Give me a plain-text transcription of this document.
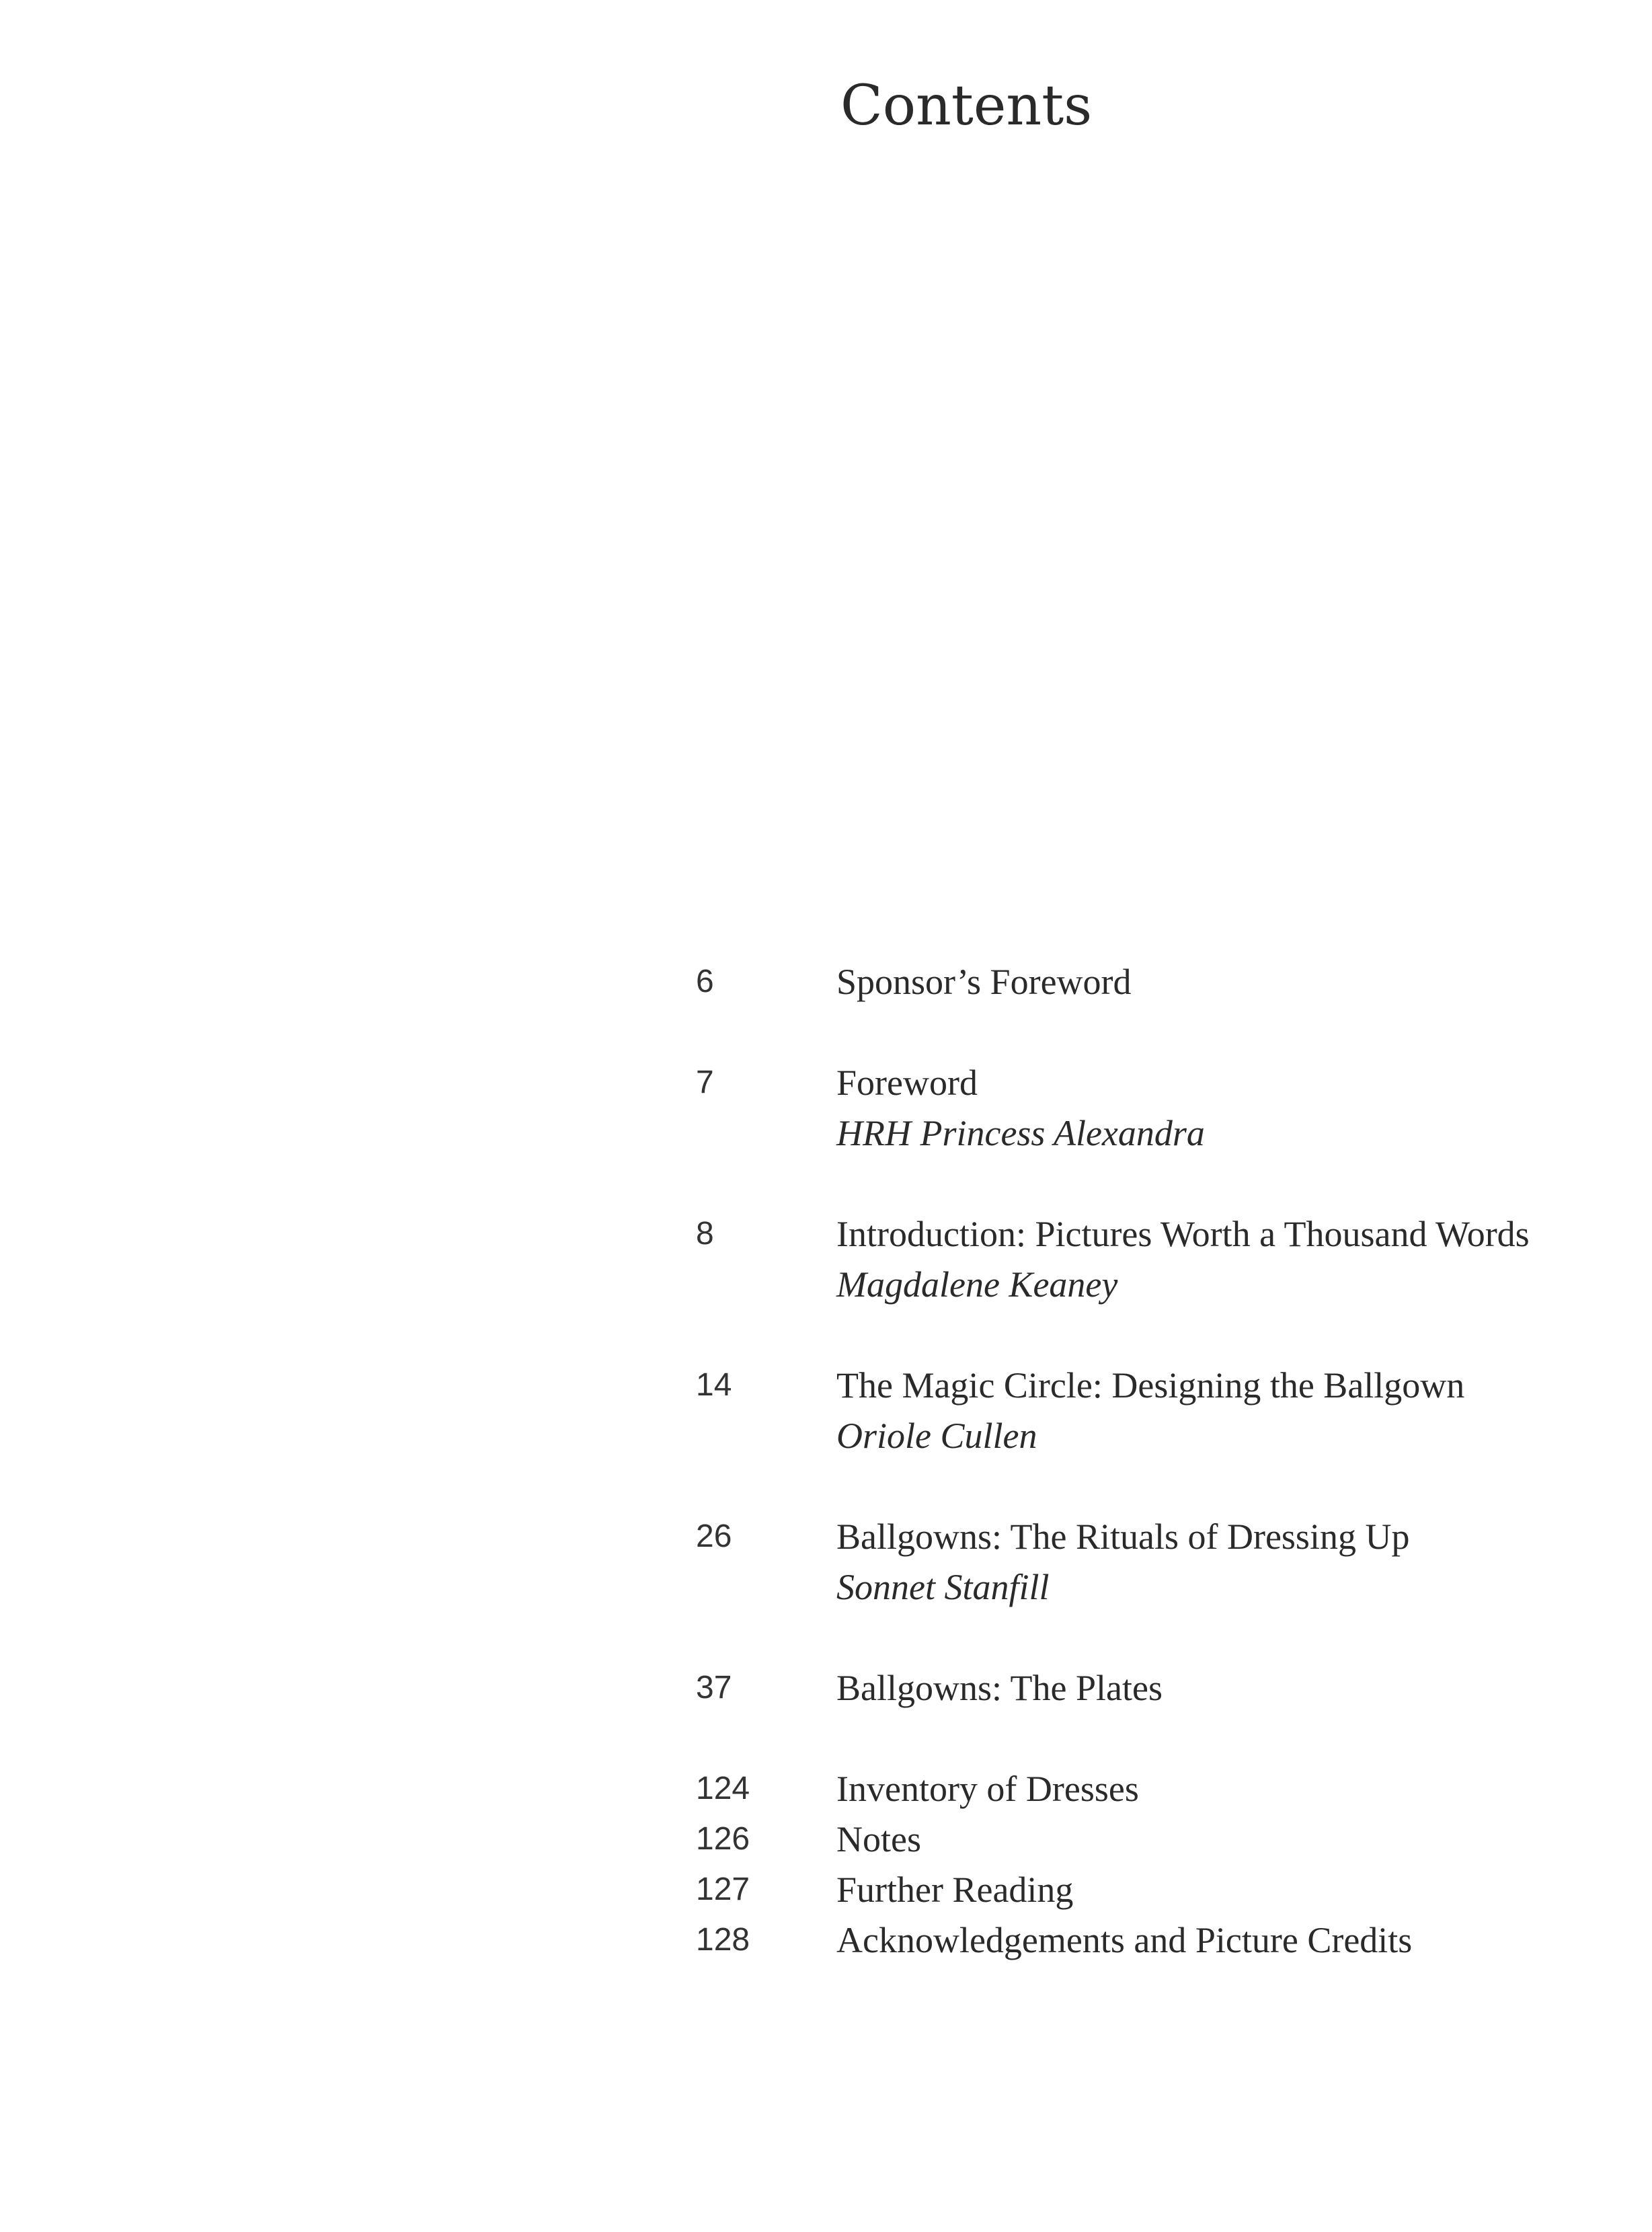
Contents
6	Sponsor’s Foreword
7	Foreword
HRH Princess Alexandra
8	Introduction: Pictures Worth a Thousand Words
Magdalene Keaney
14	The Magic Circle: Designing the Ballgown
Oriole Cullen
26	Ballgowns: The Rituals of Dressing Up
Sonnet Stanfill
37	Ballgowns: The Plates
124 Inventory of Dresses
126 Notes
127 Further Reading
128 Acknowledgements and Picture Credits
